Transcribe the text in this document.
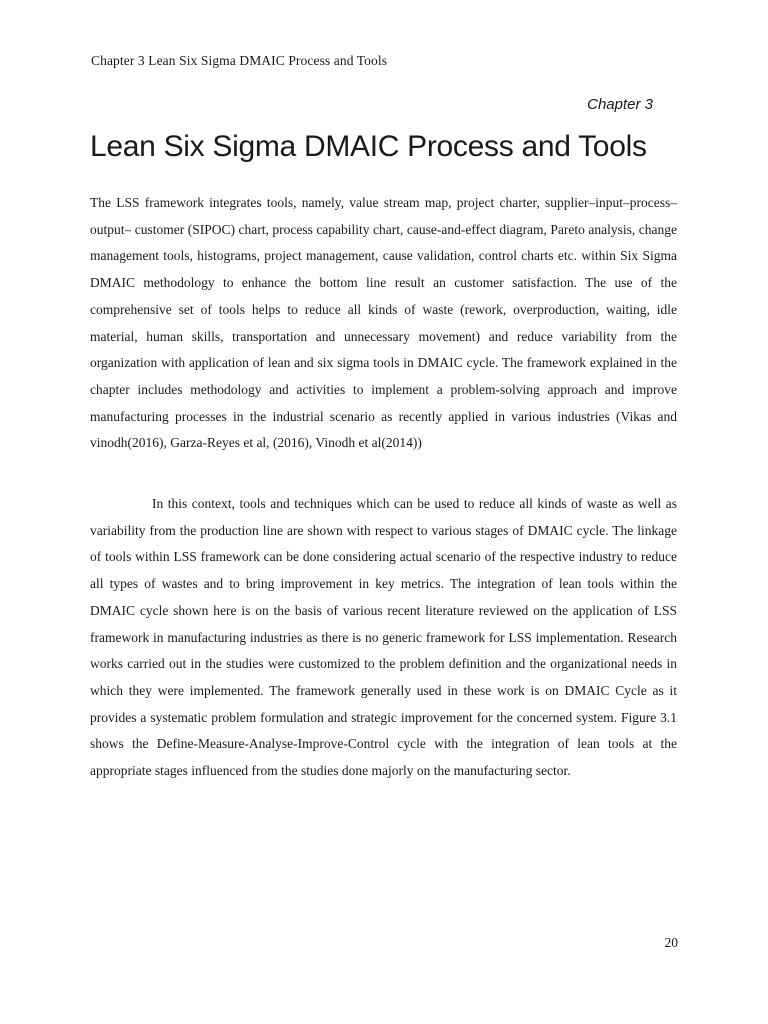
Chapter 3 Lean Six Sigma DMAIC Process and Tools
Chapter 3
Lean Six Sigma DMAIC Process and Tools

The LSS framework integrates tools, namely, value stream map, project charter, supplier–input–process– output– customer (SIPOC) chart, process capability chart, cause-and-effect diagram, Pareto analysis, change management tools, histograms, project management, cause validation, control charts etc. within Six Sigma DMAIC methodology to enhance the bottom line result an customer satisfaction. The use of the comprehensive set of tools helps to reduce all kinds of waste (rework, overproduction, waiting, idle material, human skills, transportation and unnecessary movement) and reduce variability from the organization with application of lean and six sigma tools in DMAIC cycle. The framework explained in the chapter includes methodology and activities to implement a problem-solving approach and improve manufacturing processes in the industrial scenario as recently applied in various industries (Vikas and vinodh(2016), Garza-Reyes et al, (2016), Vinodh et al(2014))

In this context, tools and techniques which can be used to reduce all kinds of waste as well as variability from the production line are shown with respect to various stages of DMAIC cycle. The linkage of tools within LSS framework can be done considering actual scenario of the respective industry to reduce all types of wastes and to bring improvement in key metrics. The integration of lean tools within the DMAIC cycle shown here is on the basis of various recent literature reviewed on the application of LSS framework in manufacturing industries as there is no generic framework for LSS implementation. Research works carried out in the studies were customized to the problem definition and the organizational needs in which they were implemented. The framework generally used in these work is on DMAIC Cycle as it provides a systematic problem formulation and strategic improvement for the concerned system. Figure 3.1 shows the Define-Measure-Analyse-Improve-Control cycle with the integration of lean tools at the appropriate stages influenced from the studies done majorly on the manufacturing sector.

20
